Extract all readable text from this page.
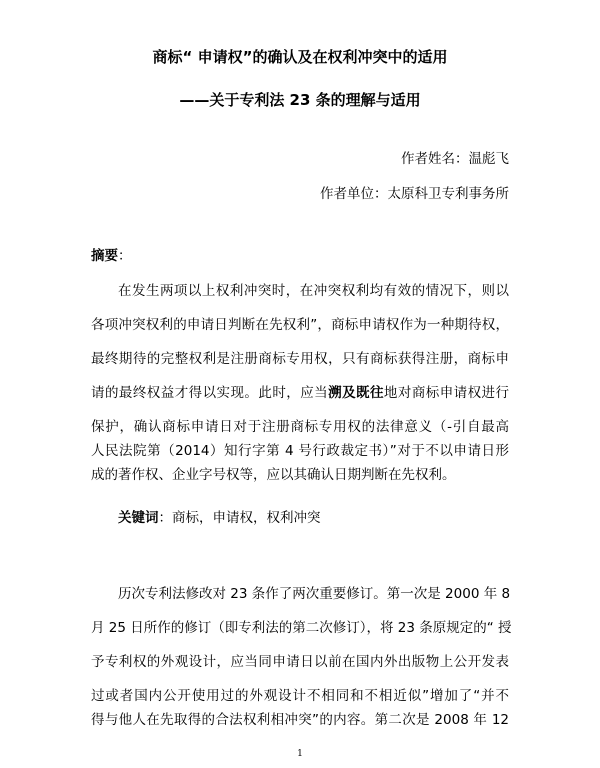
商标“ 申请权”的确认及在权利冲突中的适用
——关于专利法 23 条的理解与适用
作者姓名：温彪飞
作者单位：太原科卫专利事务所
摘要：
在发生两项以上权利冲突时，在冲突权利均有效的情况下，则以
各项冲突权利的申请日判断在先权利”，商标申请权作为一种期待权，
最终期待的完整权利是注册商标专用权，只有商标获得注册，商标申
请的最终权益才得以实现。此时，应当溯及既往地对商标申请权进行
保护，确认商标申请日对于注册商标专用权的法律意义（-引自最高
人民法院第（2014）知行字第 4 号行政裁定书）”对于不以申请日形
成的著作权、企业字号权等，应以其确认日期判断在先权利。
关键词：商标，申请权，权利冲突
历次专利法修改对 23 条作了两次重要修订。第一次是 2000 年 8
月 25 日所作的修订（即专利法的第二次修订），将 23 条原规定的“ 授
予专利权的外观设计，应当同申请日以前在国内外出版物上公开发表
过或者国内公开使用过的外观设计不相同和不相近似”增加了“并不
得与他人在先取得的合法权利相冲突”的内容。第二次是 2008 年 12
1
